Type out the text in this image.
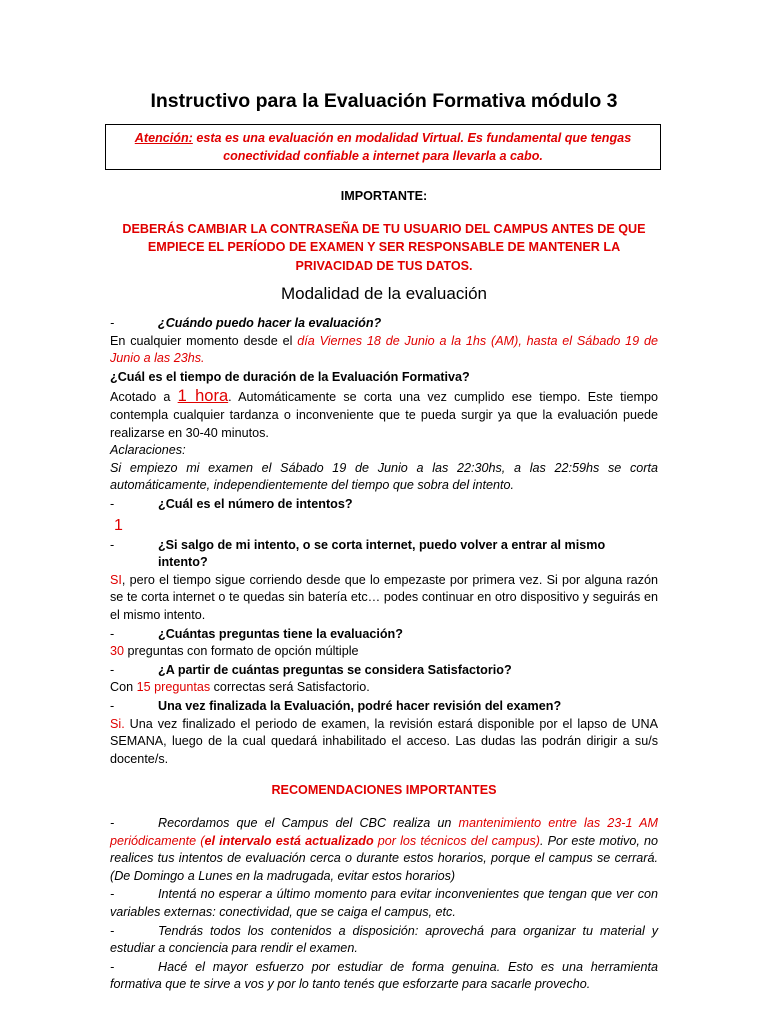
Instructivo para la Evaluación Formativa módulo 3
Atención: esta es una evaluación en modalidad Virtual. Es fundamental que tengas conectividad confiable a internet para llevarla a cabo.
IMPORTANTE:
DEBERÁS CAMBIAR LA CONTRASEÑA DE TU USUARIO DEL CAMPUS ANTES DE QUE EMPIECE EL PERÍODO DE EXAMEN Y SER RESPONSABLE DE MANTENER LA PRIVACIDAD DE TUS DATOS.
Modalidad de la evaluación
-	¿Cuándo puedo hacer la evaluación?

En cualquier momento desde el día Viernes 18 de Junio a la 1hs (AM), hasta el Sábado 19 de Junio a las 23hs.

¿Cuál es el tiempo de duración de la Evaluación Formativa?

Acotado a 1 hora. Automáticamente se corta una vez cumplido ese tiempo. Este tiempo contempla cualquier tardanza o inconveniente que te pueda surgir ya que la evaluación puede realizarse en 30-40 minutos.

Aclaraciones:

Si empiezo mi examen el Sábado 19 de Junio a las 22:30hs, a las 22:59hs se corta automáticamente, independientemente del tiempo que sobra del intento.

-	¿Cuál es el número de intentos?
1
-	¿Si salgo de mi intento, o se corta internet, puedo volver a entrar al mismo intento?

SI, pero el tiempo sigue corriendo desde que lo empezaste por primera vez. Si por alguna razón se te corta internet o te quedas sin batería etc… podes continuar en otro dispositivo y seguirás en el mismo intento.

-	¿Cuántas preguntas tiene la evaluación?

30 preguntas con formato de opción múltiple

-	¿A partir de cuántas preguntas se considera Satisfactorio?

Con 15 preguntas correctas será Satisfactorio.

-	Una vez finalizada la Evaluación, podré hacer revisión del examen?

Si. Una vez finalizado el periodo de examen, la revisión estará disponible por el lapso de UNA SEMANA, luego de la cual quedará inhabilitado el acceso. Las dudas las podrán dirigir a su/s docente/s.

RECOMENDACIONES IMPORTANTES

-	Recordamos que el Campus del CBC realiza un mantenimiento entre las 23-1 AM periódicamente (el intervalo está actualizado por los técnicos del campus). Por este motivo, no realices tus intentos de evaluación cerca o durante estos horarios, porque el campus se cerrará. (De Domingo a Lunes en la madrugada, evitar estos horarios)

-	Intentá no esperar a último momento para evitar inconvenientes que tengan que ver con variables externas: conectividad, que se caiga el campus, etc.

-	Tendrás todos los contenidos a disposición: aprovechá para organizar tu material y estudiar a conciencia para rendir el examen.

-	Hacé el mayor esfuerzo por estudiar de forma genuina. Esto es una herramienta formativa que te sirve a vos y por lo tanto tenés que esforzarte para sacarle provecho.
